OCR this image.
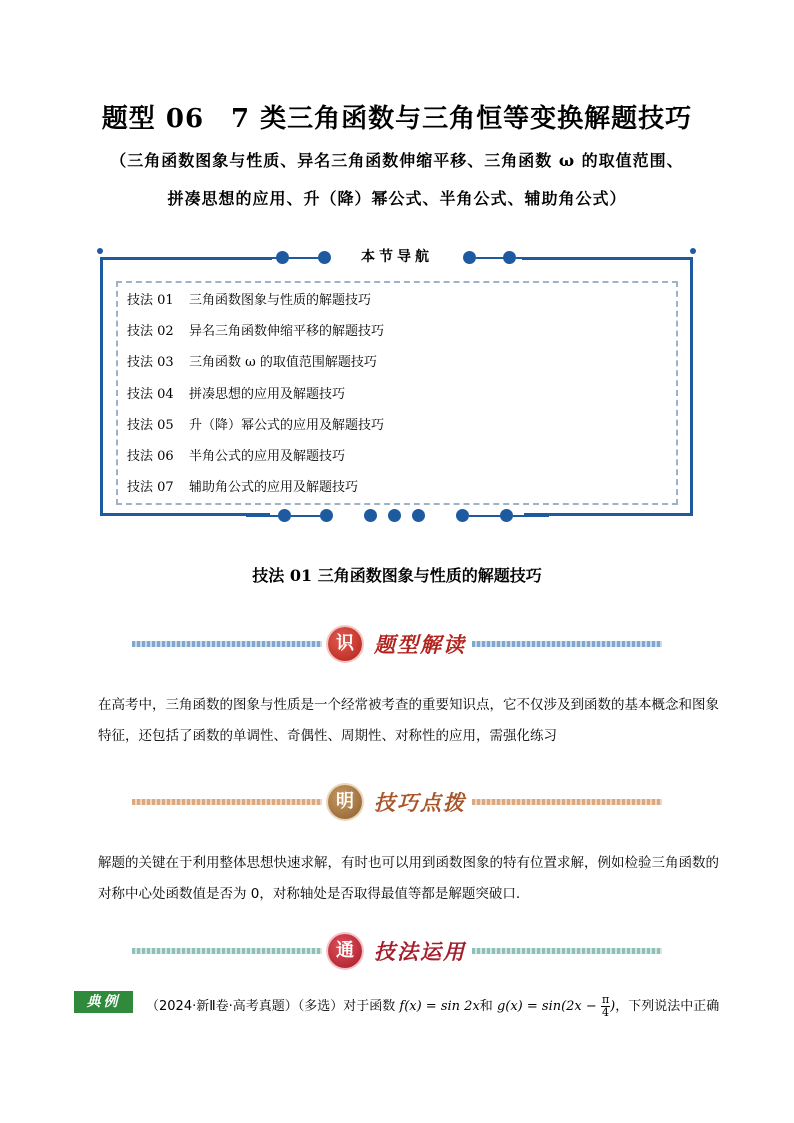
题型 06　7 类三角函数与三角恒等变换解题技巧
（三角函数图象与性质、异名三角函数伸缩平移、三角函数 ω 的取值范围、
拼凑思想的应用、升（降）幂公式、半角公式、辅助角公式）
本节导航
技法 01 三角函数图象与性质的解题技巧
技法 02 异名三角函数伸缩平移的解题技巧
技法 03 三角函数 ω 的取值范围解题技巧
技法 04 拼凑思想的应用及解题技巧
技法 05 升（降）幂公式的应用及解题技巧
技法 06 半角公式的应用及解题技巧
技法 07 辅助角公式的应用及解题技巧
技法 01 三角函数图象与性质的解题技巧
识 题型解读

在高考中，三角函数的图象与性质是一个经常被考查的重要知识点，它不仅涉及到函数的基本概念和图象特征，还包括了函数的单调性、奇偶性、周期性、对称性的应用，需强化练习

明 技巧点拨

解题的关键在于利用整体思想快速求解，有时也可以用到函数图象的特有位置求解，例如检验三角函数的对称中心处函数值是否为 0，对称轴处是否取得最值等都是解题突破口.

通 技法运用
典例	（2024·新Ⅱ卷·高考真题）（多选）对于函数 f(x) = sin 2x和 $g(x) = \sin(2x - \frac{\pi}{4}$ )，下列说法中正确
